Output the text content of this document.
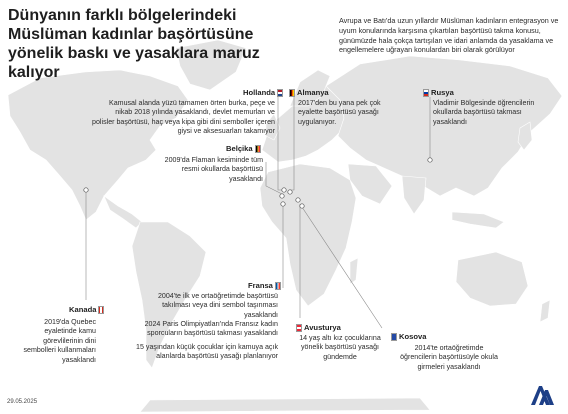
Dünyanın farklı bölgelerindeki Müslüman kadınlar başörtüsüne yönelik baskı ve yasaklara maruz kalıyor
Avrupa ve Batı'da uzun yıllardır Müslüman kadınların entegrasyon ve uyum konularında karşısına çıkartılan başörtüsü takma konusu, günümüzde hala çokça tartışılan ve idari anlamda da yasaklama ve engellemelere uğrayan konulardan biri olarak görülüyor
Hollanda
Kamusal alanda yüzü tamamen örten burka, peçe ve nikab 2018 yılında yasaklandı, devlet memurları ve polisler başörtüsü, haç veya kipa gibi dini semboller içeren giysi ve aksesuarları takamıyor
Almanya
2017'den bu yana pek çok eyalette başörtüsü yasağı uygulanıyor.
Rusya
Vladimir Bölgesinde öğrencilerin okullarda başörtüsü takması yasaklandı
Belçika
2009'da Flaman kesiminde tüm resmi okullarda başörtüsü yasaklandı
Fransa
2004'te ilk ve ortaöğretimde başörtüsü takılması veya dini sembol taşınması yasaklandı
2024 Paris Olimpiyatları'nda Fransız kadın sporcuların başörtüsü takması yasaklandı
15 yaşından küçük çocuklar için kamuya açık alanlarda başörtüsü yasağı planlanıyor
Kanada
2019'da Quebec eyaletinde kamu görevlilerinin dini sembolleri kullanmaları yasaklandı
Avusturya
14 yaş altı kız çocuklarına yönelik başörtüsü yasağı gündemde
Kosova
2014'te ortaöğretimde öğrencilerin başörtüsüyle okula girmeleri yasaklandı
29.05.2025
